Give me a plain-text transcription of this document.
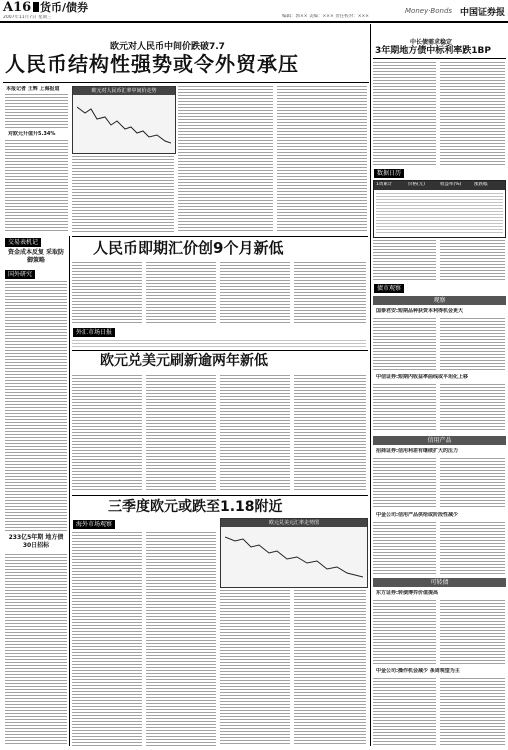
A16 货币/债券
2007年11月7日 星期三	编辑：郭×× 美编：××× 责任校对：×××
Money·Bonds 中国证券报
欧元对人民币中间价跌破7.7
人民币结构性强势或令外贸承压
本报记者 王辉 上海报道
对欧元升值升5.34%
欧元对人民币汇率中间价走势
交易表机记
资金成本反复 采取防御策略
国外研究
233亿5年期 地方债30日招标
人民币即期汇价创9个月新低
外汇市场日报
欧元兑美元刷新逾两年新低
三季度欧元或跌至1.18附近
海外市场观察	欧元兑美元汇率走势图
中长债需求稳定
3年期地方债中标利率跌1BP
数据日历
1周累计	价格(元)	收益率(%)	涨跌幅
债市观察
观察
国泰君安:短期品种获资本利得机会更大
中信证券:短期内收益率曲线或平坦化上移
信用产品
招商证券:信用利差有继续扩大的压力
中金公司:信用产品供给或阶段性减少
可转债
东方证券:转债博弈价值提高
中金公司:操作机会减少 条周观望为主
